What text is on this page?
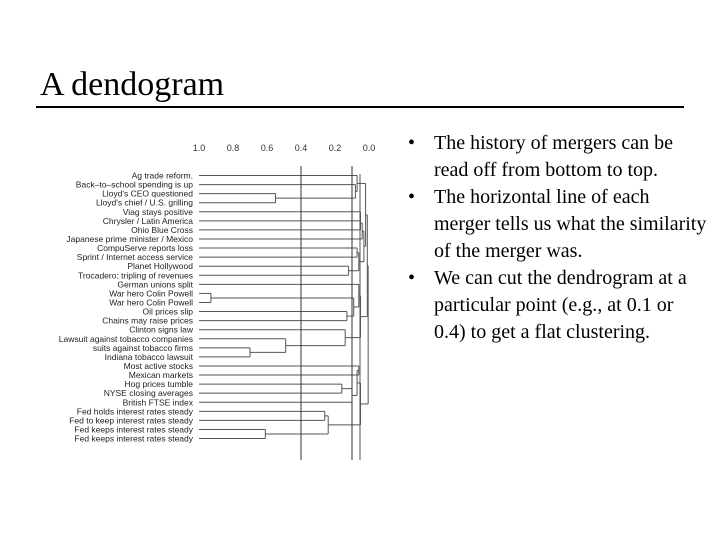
A dendogram
1.0 0.8 0.6 0.4 0.2 0.0
Ag trade reform.
Back–to–school spending is up
Lloyd's CEO questioned
Lloyd's chief / U.S. grilling
Viag stays positive
Chrysler / Latin America
Ohio Blue Cross
Japanese prime minister / Mexico
CompuServe reports loss
Sprint / Internet access service
Planet Hollywood
Trocadero: tripling of revenues
German unions split
War hero Colin Powell
War hero Colin Powell
Oil prices slip
Chains may raise prices
Clinton signs law
Lawsuit against tobacco companies
suits against tobacco firms
Indiana tobacco lawsuit
Most active stocks
Mexican markets
Hog prices tumble
NYSE closing averages
British FTSE index
Fed holds interest rates steady
Fed to keep interest rates steady
Fed keeps interest rates steady
Fed keeps interest rates steady
• The history of mergers can be read off from bottom to top.
• The horizontal line of each merger tells us what the similarity of the merger was.
• We can cut the dendrogram at a particular point (e.g., at 0.1 or 0.4) to get a flat clustering.
